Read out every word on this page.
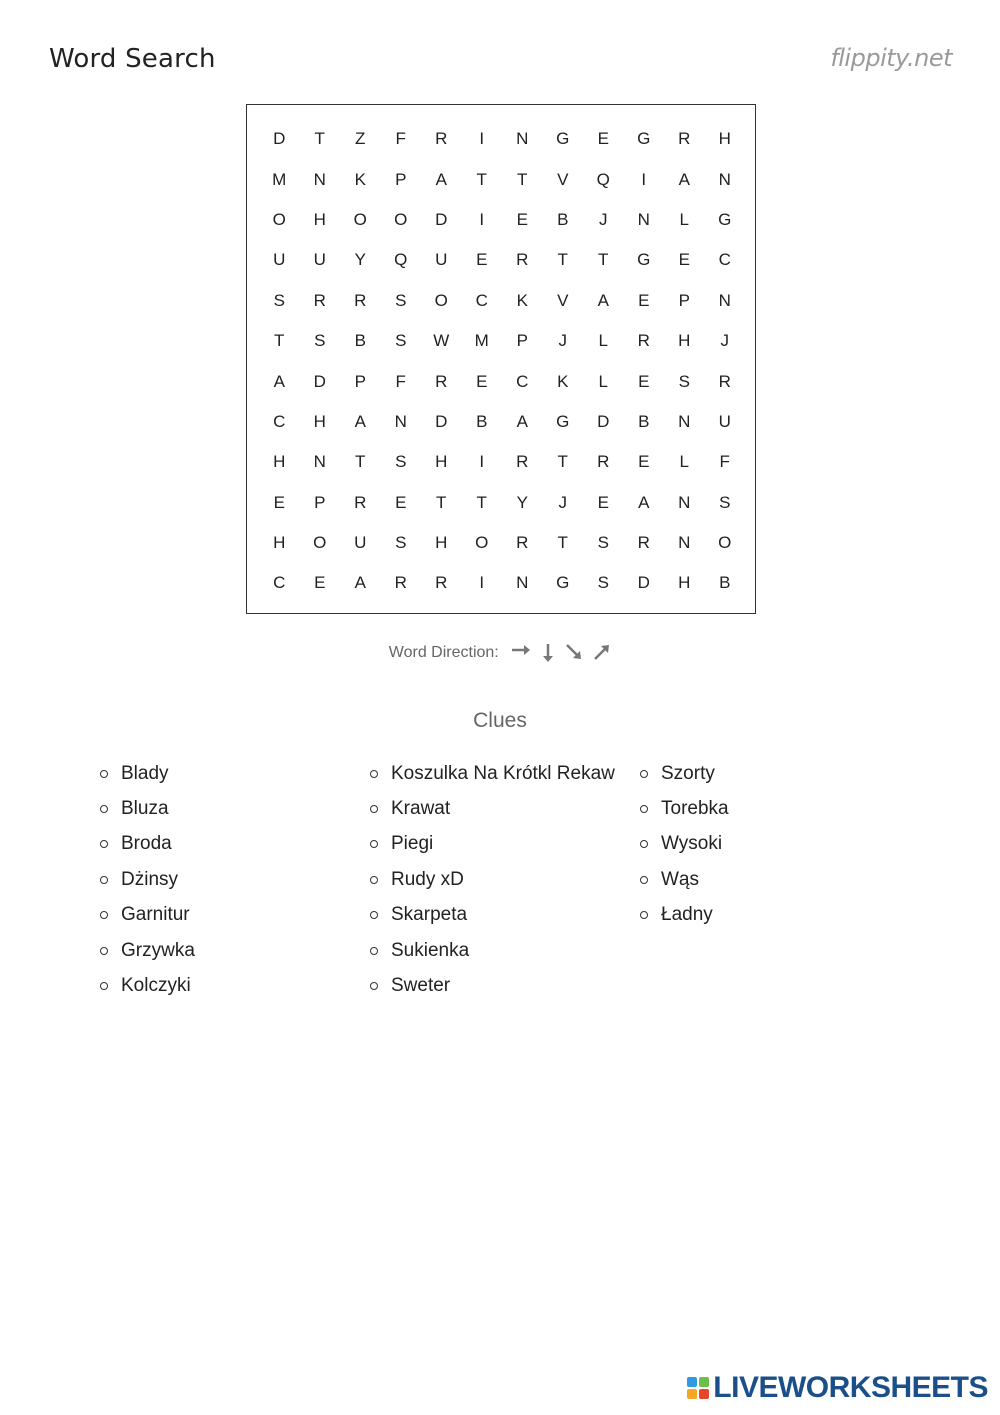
Word Search	flippity.net
D	T	Z	F	R	I	N	G	E	G	R	H
M	N	K	P	A	T	T	V	Q	I	A	N
O	H	O	O	D	I	E	B	J	N	L	G
U	U	Y	Q	U	E	R	T	T	G	E	C
S	R	R	S	O	C	K	V	A	E	P	N
T	S	B	S	W	M	P	J	L	R	H	J
A	D	P	F	R	E	C	K	L	E	S	R
C	H	A	N	D	B	A	G	D	B	N	U
H	N	T	S	H	I	R	T	R	E	L	F
E	P	R	E	T	T	Y	J	E	A	N	S
H	O	U	S	H	O	R	T	S	R	N	O
C	E	A	R	R	I	N	G	S	D	H	B
Word Direction:
Clues
Blady
Bluza
Broda
Dżinsy
Garnitur
Grzywka
Kolczyki
Koszulka Na Krótkl Rekaw
Krawat
Piegi
Rudy xD
Skarpeta
Sukienka
Sweter
Szorty
Torebka
Wysoki
Wąs
Ładny
LIVEWORKSHEETS
